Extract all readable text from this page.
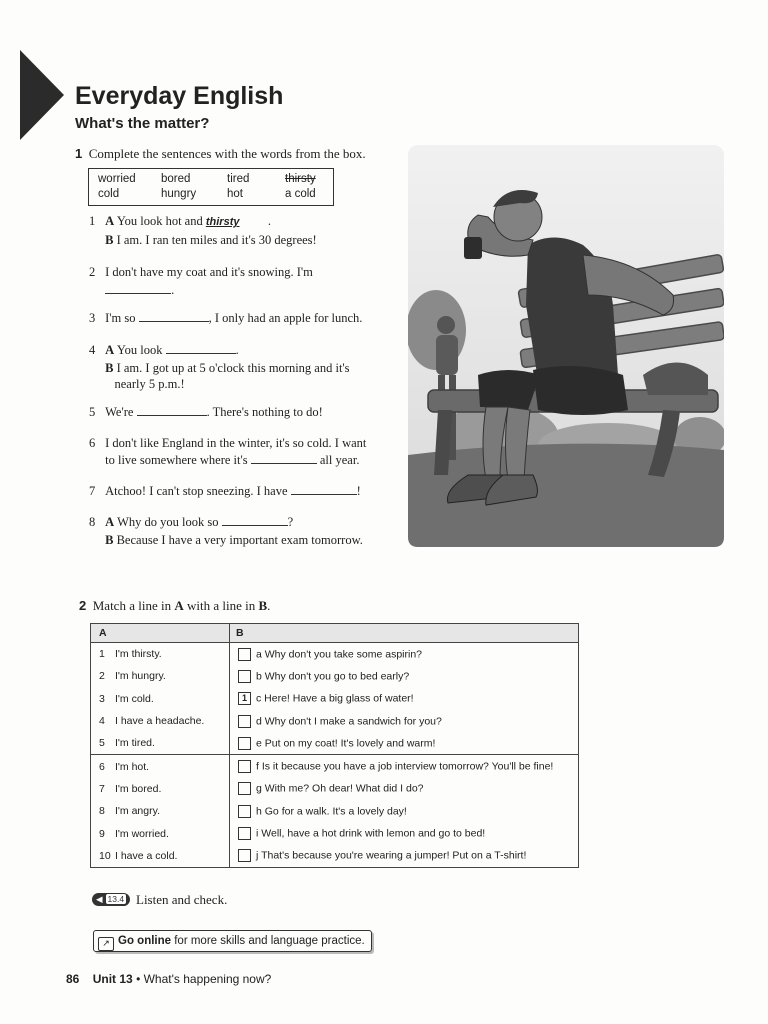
Everyday English
What's the matter?
1 Complete the sentences with the words from the box.
worried bored	tired	thirsty
cold	hungry	hot	a cold
1 A You look hot and thirsty .
B I am. I ran ten miles and it's 30 degrees!
2 I don't have my coat and it's snowing. I'm
.
3 I'm so	, I only had an apple for lunch.
4 A You look	.
B I am. I got up at 5 o'clock this morning and it's
nearly 5 p.m.!
5 We're	. There's nothing to do!
6 I don't like England in the winter, it's so cold. I want
to live somewhere where it's	all year.
7 Atchoo! I can't stop sneezing. I have	!
8 A Why do you look so	?
B Because I have a very important exam tomorrow.
2 Match a line in A with a line in B.
A	B
1 I'm thirsty.	a Why don't you take some aspirin?
2 I'm hungry.	b Why don't you go to bed early?
3 I'm cold.	1 c Here! Have a big glass of water!
4 I have a headache.	d Why don't I make a sandwich for you?
5 I'm tired.	e Put on my coat! It's lovely and warm!
6 I'm hot.	f Is it because you have a job interview tomorrow? You'll be fine!
7 I'm bored.	g With me? Oh dear! What did I do?
8 I'm angry.	h Go for a walk. It's a lovely day!
9 I'm worried.	i Well, have a hot drink with lemon and go to bed!
10 I have a cold.	j That's because you're wearing a jumper! Put on a T-shirt!
◀ 13.4 Listen and check.
↗ Go online for more skills and language practice.
86 Unit 13 • What's happening now?
